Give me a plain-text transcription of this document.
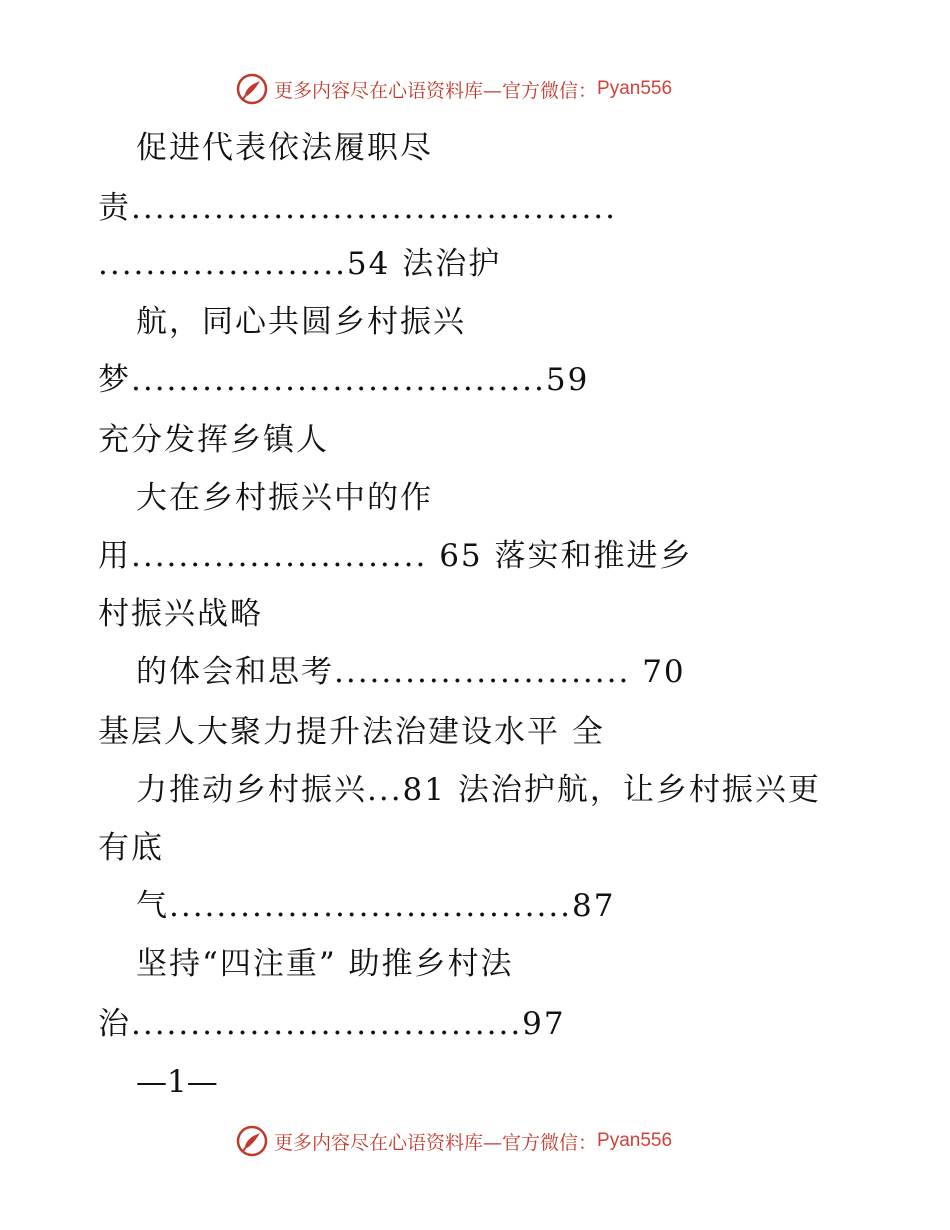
更多内容尽在心语资料库—官方微信： Pyan556
促进代表依法履职尽
责.........................................
.....................54 法治护
航，同心共圆乡村振兴
梦...................................59
充分发挥乡镇人
大在乡村振兴中的作
用......................... 65 落实和推进乡
村振兴战略
的体会和思考......................... 70
基层人大聚力提升法治建设水平 全
力推动乡村振兴...81 法治护航，让乡村振兴更
有底
气..................................87
坚持“四注重” 助推乡村法
治.................................97
—1—
更多内容尽在心语资料库—官方微信： Pyan556
